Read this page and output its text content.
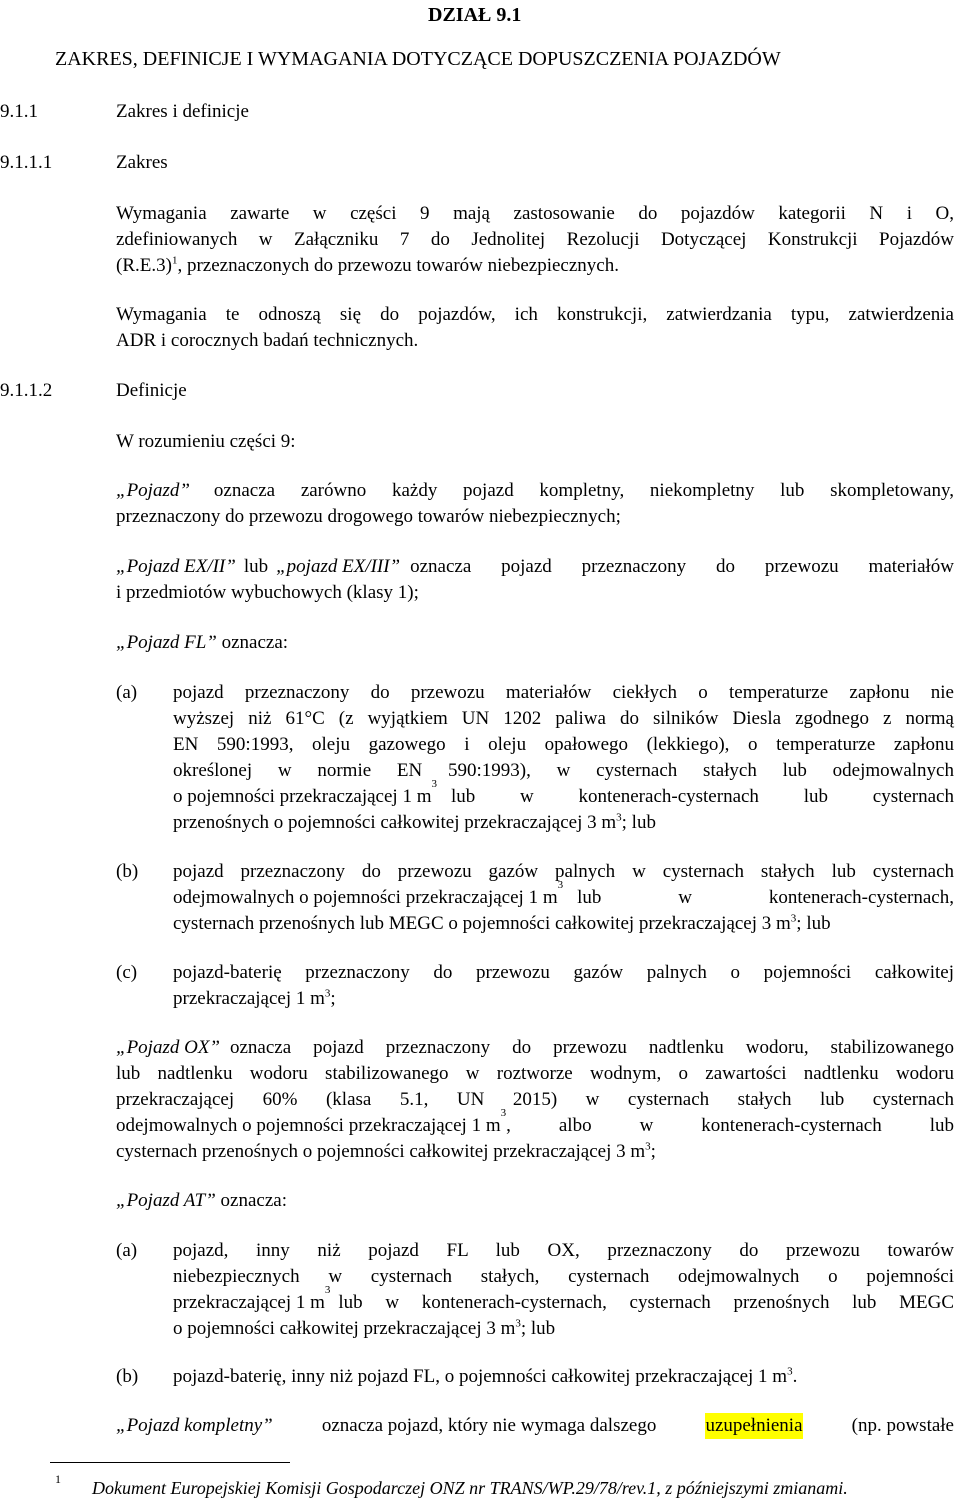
DZIAŁ 9.1
ZAKRES, DEFINICJE I WYMAGANIA DOTYCZĄCE DOPUSZCZENIA POJAZDÓW
9.1.1	Zakres i definicje
9.1.1.1	Zakres
Wymagania zawarte w części 9 mają zastosowanie do pojazdów kategorii N i O,
zdefiniowanych w Załączniku 7 do Jednolitej Rezolucji Dotyczącej Konstrukcji Pojazdów
$(R.E.3)^1$, przeznaczonych do przewozu towarów niebezpiecznych.
Wymagania te odnoszą się do pojazdów, ich konstrukcji, zatwierdzania typu, zatwierdzenia
ADR i corocznych badań technicznych.
9.1.1.2	Definicje
W rozumieniu części 9:
„Pojazd” oznacza zarówno każdy pojazd kompletny, niekompletny lub skompletowany,
przeznaczony do przewozu drogowego towarów niebezpiecznych;
„Pojazd EX/II” lub „pojazd EX/III” oznacza pojazd przeznaczony do przewozu materiałów
i przedmiotów wybuchowych (klasy 1);
„Pojazd FL” oznacza:
(a) pojazd przeznaczony do przewozu materiałów ciekłych o temperaturze zapłonu nie
wyższej niż 61°C (z wyjątkiem UN 1202 paliwa do silników Diesla zgodnego z normą
EN 590:1993, oleju gazowego i oleju opałowego (lekkiego), o temperaturze zapłonu
określonej w normie EN 590:1993), w cysternach stałych lub odejmowalnych
o pojemności przekraczającej 1 m
3
lub w kontenerach-cysternach lub cysternach
przenośnych o pojemności całkowitej przekraczającej 3 $m^3$; lub
(b) pojazd przeznaczony do przewozu gazów palnych w cysternach stałych lub cysternach
odejmowalnych o pojemności przekraczającej 1 m
3
lub w kontenerach-cysternach,
cysternach przenośnych lub MEGC o pojemności całkowitej przekraczającej 3 $m^3$; lub
(c) pojazd-baterię przeznaczony do przewozu gazów palnych o pojemności całkowitej
przekraczającej 1 $m^3$;
„Pojazd OX” oznacza pojazd przeznaczony do przewozu nadtlenku wodoru, stabilizowanego
lub nadtlenku wodoru stabilizowanego w roztworze wodnym, o zawartości nadtlenku wodoru
przekraczającej 60% (klasa 5.1, UN 2015) w cysternach stałych lub cysternach
odejmowalnych o pojemności przekraczającej 1 m
3
, albo w kontenerach-cysternach lub
cysternach przenośnych o pojemności całkowitej przekraczającej 3 $m^3$;
„Pojazd AT” oznacza:
(a) pojazd, inny niż pojazd FL lub OX, przeznaczony do przewozu towarów
niebezpiecznych w cysternach stałych, cysternach odejmowalnych o pojemności
przekraczającej 1 m
3
lub w kontenerach-cysternach, cysternach przenośnych lub MEGC
o pojemności całkowitej przekraczającej 3 $m^3$; lub
(b) pojazd-baterię, inny niż pojazd FL, o pojemności całkowitej przekraczającej 1 $m^3$.
„Pojazd kompletny”	oznacza pojazd, który nie wymaga dalszego	uzupełnienia	(np. powstałe
1 Dokument Europejskiej Komisji Gospodarczej ONZ nr TRANS/WP.29/78/rev.1, z późniejszymi zmianami.
